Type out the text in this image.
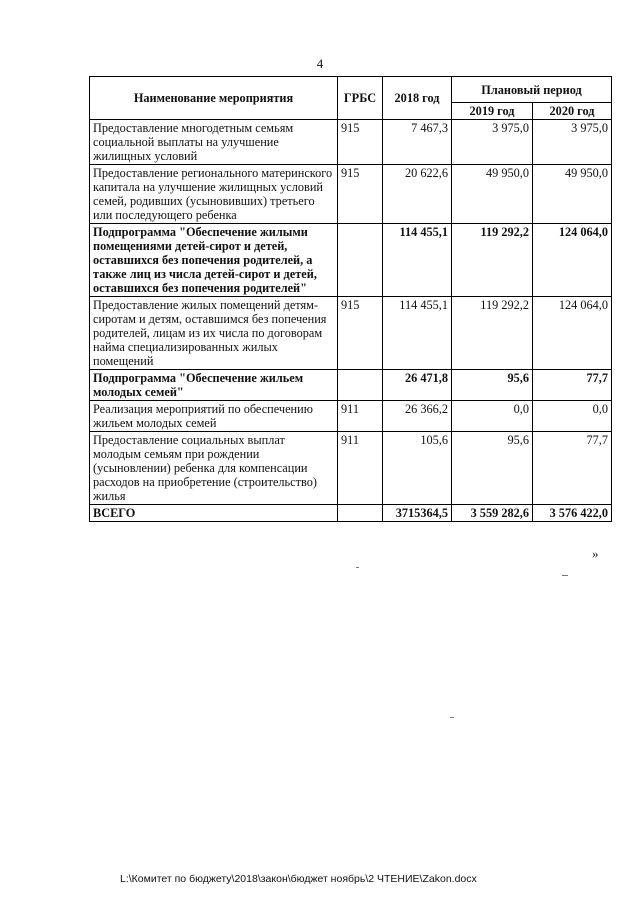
4
Наименование мероприятия	ГРБС	2018 год	Плановый период	
			2019 год	2020 год
Предоставление многодетным семьям социальной выплаты на улучшение жилищных условий	915	7 467,3	3 975,0	3 975,0
Предоставление регионального материнского капитала на улучшение жилищных условий семей, родивших (усыновивших) третьего или последующего ребенка	915	20 622,6	49 950,0	49 950,0
Подпрограмма "Обеспечение жилыми помещениями детей-сирот и детей, оставшихся без попечения родителей, а также лиц из числа детей-сирот и детей, оставшихся без попечения родителей"		114 455,1	119 292,2	124 064,0
Предоставление жилых помещений детям-сиротам и детям, оставшимся без попечения родителей, лицам из их числа по договорам найма специализированных жилых помещений	915	114 455,1	119 292,2	124 064,0
Подпрограмма "Обеспечение жильем молодых семей"		26 471,8	95,6	77,7
Реализация мероприятий по обеспечению жильем молодых семей	911	26 366,2	0,0	0,0
Предоставление социальных выплат молодым семьям при рождении (усыновлении) ребенка для компенсации расходов на приобретение (строительство) жилья	911	105,6	95,6	77,7
ВСЕГО		3715364,5	3 559 282,6	3 576 422,0
»
L:\Комитет по бюджету\2018\закон\бюджет ноябрь\2 ЧТЕНИЕ\Zakon.docx
